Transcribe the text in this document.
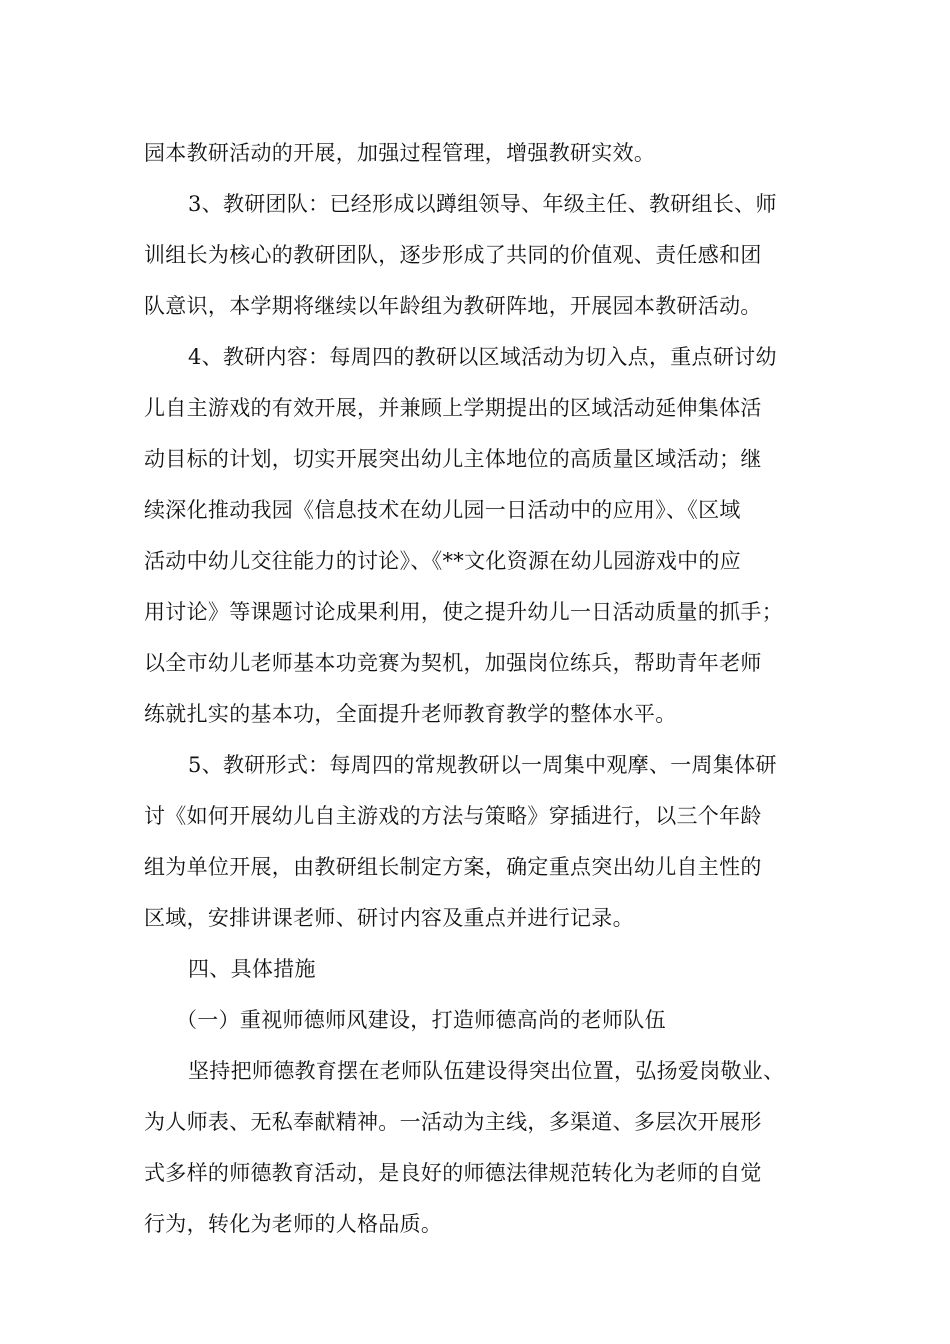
园本教研活动的开展，加强过程管理，增强教研实效。
3、教研团队：已经形成以蹲组领导、年级主任、教研组长、师
训组长为核心的教研团队，逐步形成了共同的价值观、责任感和团
队意识，本学期将继续以年龄组为教研阵地，开展园本教研活动。
4、教研内容：每周四的教研以区域活动为切入点，重点研讨幼
儿自主游戏的有效开展，并兼顾上学期提出的区域活动延伸集体活
动目标的计划，切实开展突出幼儿主体地位的高质量区域活动；继
续深化推动我园《信息技术在幼儿园一日活动中的应用》、《区域
活动中幼儿交往能力的讨论》、《**文化资源在幼儿园游戏中的应
用讨论》等课题讨论成果利用，使之提升幼儿一日活动质量的抓手；
以全市幼儿老师基本功竞赛为契机，加强岗位练兵，帮助青年老师
练就扎实的基本功，全面提升老师教育教学的整体水平。
5、教研形式：每周四的常规教研以一周集中观摩、一周集体研
讨《如何开展幼儿自主游戏的方法与策略》穿插进行，以三个年龄
组为单位开展，由教研组长制定方案，确定重点突出幼儿自主性的
区域，安排讲课老师、研讨内容及重点并进行记录。
四、具体措施
（一）重视师德师风建设，打造师德高尚的老师队伍
坚持把师德教育摆在老师队伍建设得突出位置，弘扬爱岗敬业、
为人师表、无私奉献精神。一活动为主线，多渠道、多层次开展形
式多样的师德教育活动，是良好的师德法律规范转化为老师的自觉
行为，转化为老师的人格品质。
